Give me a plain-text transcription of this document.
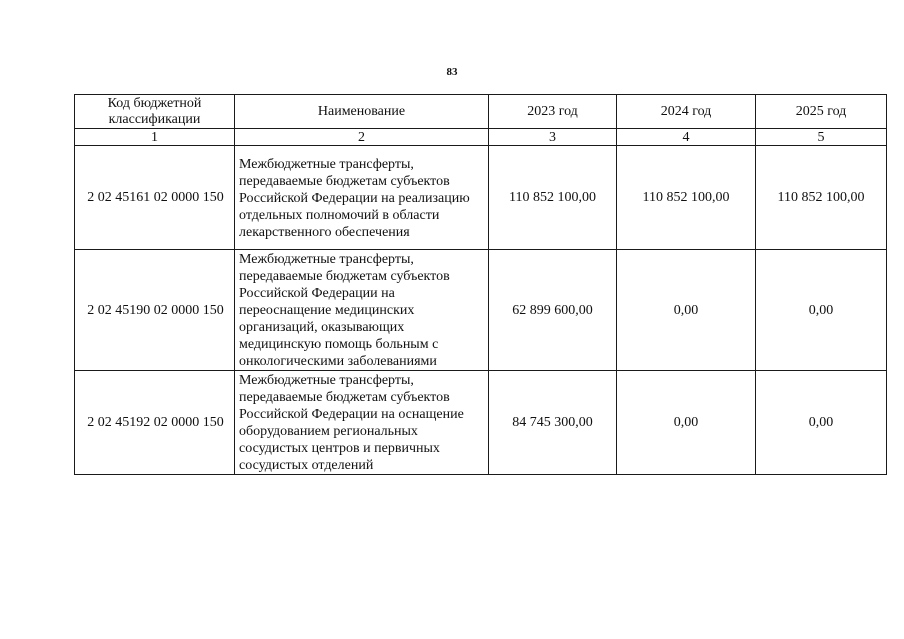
83
Код бюджетной классификации	Наименование	2023 год	2024 год	2025 год
1	2	3	4	5
2 02 45161 02 0000 150	Межбюджетные трансферты, передаваемые бюджетам субъектов Российской Федерации на реализацию отдельных полномочий в области лекарственного обеспечения	110 852 100,00	110 852 100,00	110 852 100,00
2 02 45190 02 0000 150	Межбюджетные трансферты, передаваемые бюджетам субъектов Российской Федерации на переоснащение медицинских организаций, оказывающих медицинскую помощь больным с онкологическими заболеваниями	62 899 600,00	0,00	0,00
2 02 45192 02 0000 150	Межбюджетные трансферты, передаваемые бюджетам субъектов Российской Федерации на оснащение оборудованием региональных сосудистых центров и первичных сосудистых отделений	84 745 300,00	0,00	0,00
